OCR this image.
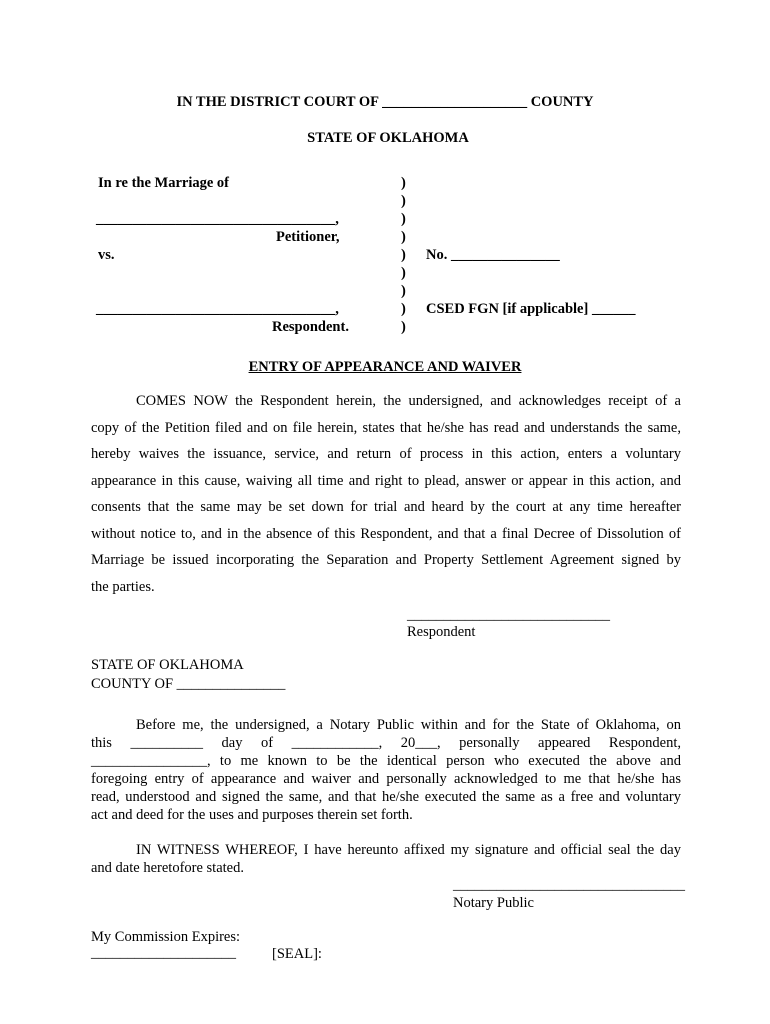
IN THE DISTRICT COURT OF ____________________ COUNTY
STATE OF OKLAHOMA
In re the Marriage of
_________________________________,
Petitioner,
vs.
_________________________________,
Respondent.
)
)
)
)
)
)
)
)
)
No. _______________
CSED FGN [if applicable] ______
ENTRY OF APPEARANCE AND WAIVER
COMES NOW the Respondent herein, the undersigned, and acknowledges receipt of a
copy of the Petition filed and on file herein, states that he/she has read and understands the same,
hereby waives the issuance, service, and return of process in this action, enters a voluntary
appearance in this cause, waiving all time and right to plead, answer or appear in this action, and
consents that the same may be set down for trial and heard by the court at any time hereafter
without notice to, and in the absence of this Respondent, and that a final Decree of Dissolution of
Marriage be issued incorporating the Separation and Property Settlement Agreement signed by
the parties.
____________________________
Respondent
STATE OF OKLAHOMA
COUNTY OF _______________
Before me, the undersigned, a Notary Public within and for the State of Oklahoma, on
this __________ day of ____________, 20___, personally appeared Respondent,
________________, to me known to be the identical person who executed the above and
foregoing entry of appearance and waiver and personally acknowledged to me that he/she has
read, understood and signed the same, and that he/she executed the same as a free and voluntary
act and deed for the uses and purposes therein set forth.
IN WITNESS WHEREOF, I have hereunto affixed my signature and official seal the day
and date heretofore stated.
________________________________
Notary Public
My Commission Expires:
____________________ [SEAL]:
